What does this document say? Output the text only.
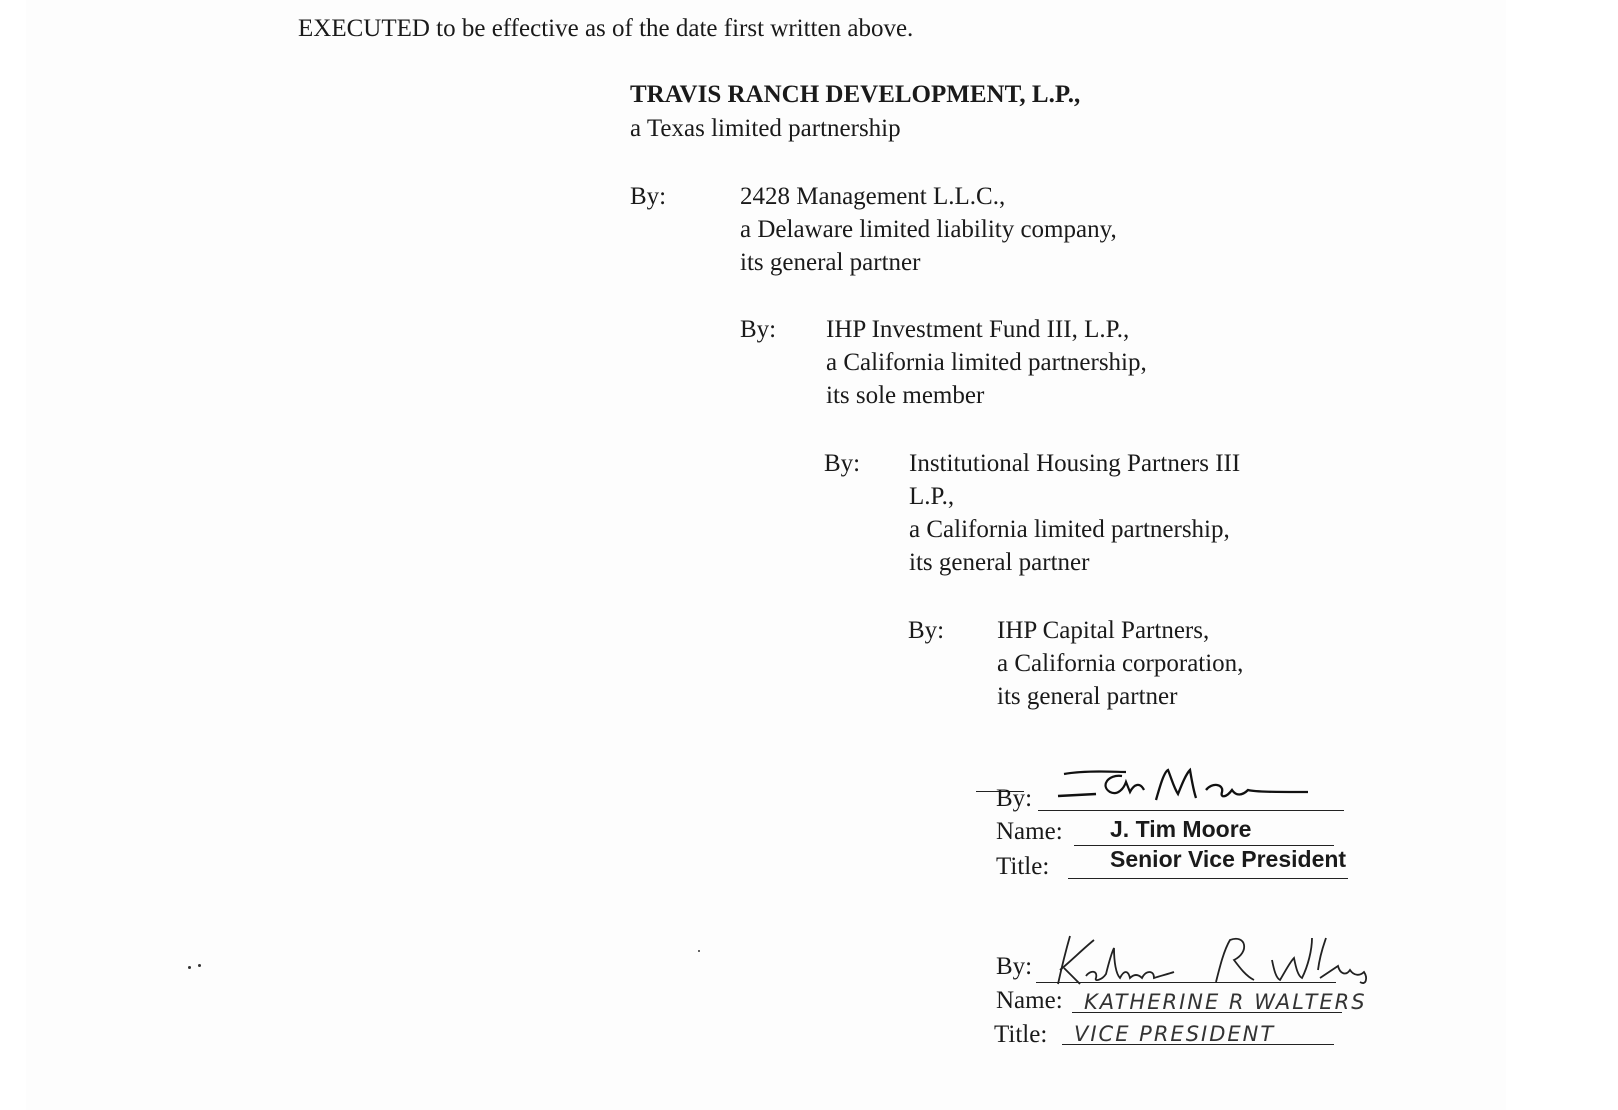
EXECUTED to be effective as of the date first written above.
TRAVIS RANCH DEVELOPMENT, L.P.,
a Texas limited partnership
By:	2428 Management L.L.C.,
a Delaware limited liability company,
its general partner
By: IHP Investment Fund III, L.P.,
a California limited partnership,
its sole member
By: Institutional Housing Partners III
L.P.,
a California limited partnership,
its general partner
By: IHP Capital Partners,
a California corporation,
its general partner
By:
Name: J. Tim Moore
Title:	Senior Vice President
By:
Name: KATHERINE R WALTERS
Title: VICE PRESIDENT
